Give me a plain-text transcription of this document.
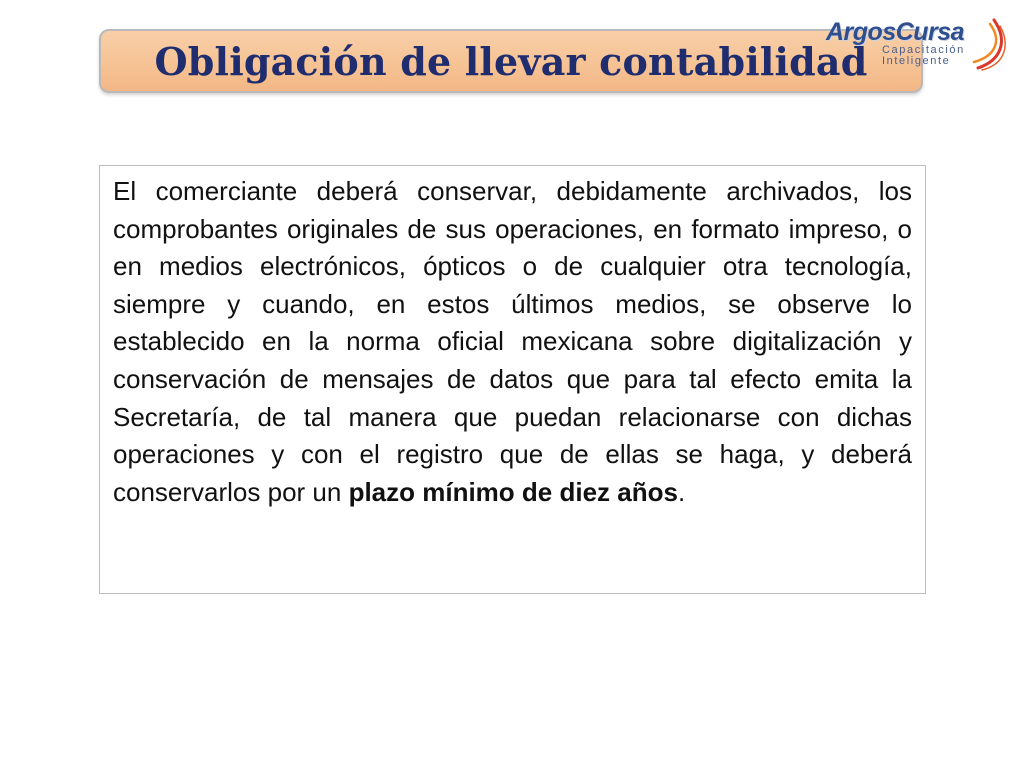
Obligación de llevar contabilidad
ArgosCursa
Capacitación
Inteligente

El comerciante deberá conservar, debidamente archivados, los comprobantes originales de sus operaciones, en formato impreso, o en medios electrónicos, ópticos o de cualquier otra tecnología, siempre y cuando, en estos últimos medios, se observe lo establecido en la norma oficial mexicana sobre digitalización y conservación de mensajes de datos que para tal efecto emita la Secretaría, de tal manera que puedan relacionarse con dichas operaciones y con el registro que de ellas se haga, y deberá conservarlos por un plazo mínimo de diez años.
